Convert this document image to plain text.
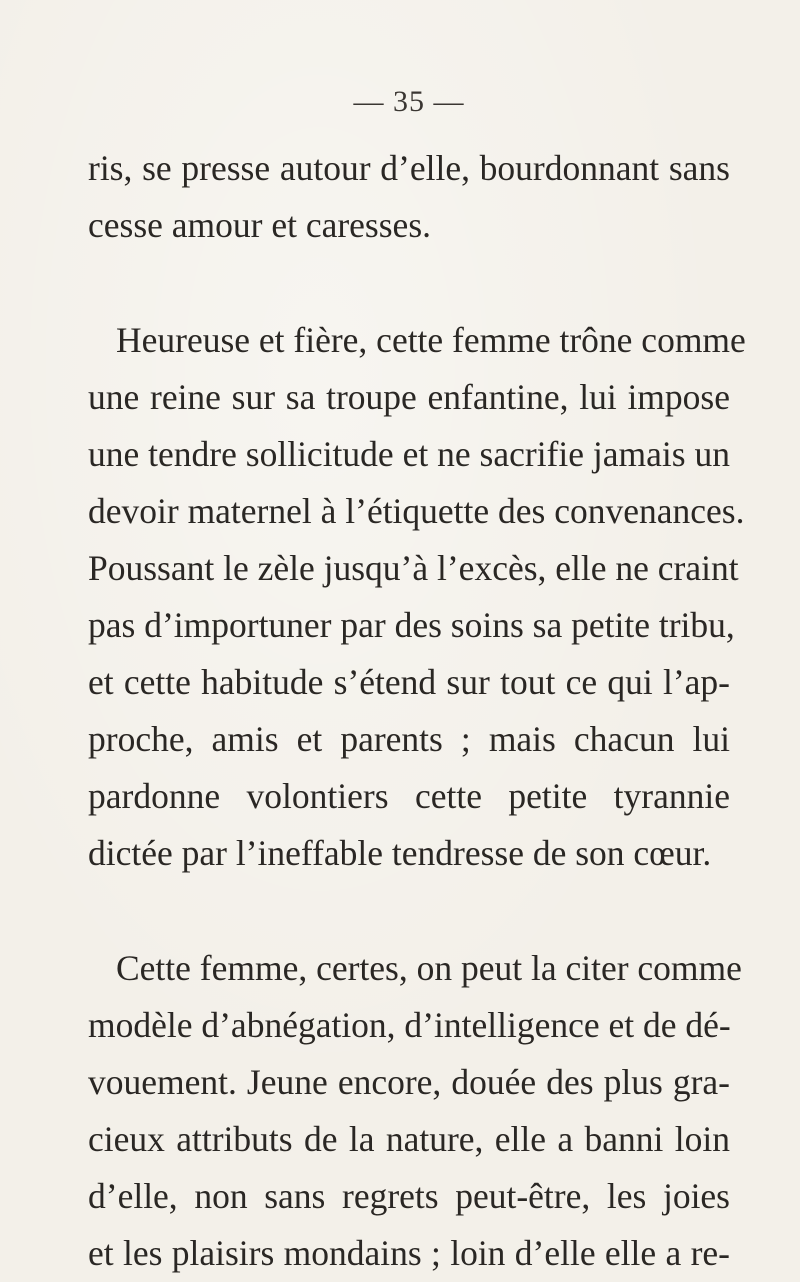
— 35 —
ris, se presse autour d’elle, bourdonnant sans
cesse amour et caresses.
Heureuse et fière, cette femme trône comme
une reine sur sa troupe enfantine, lui impose
une tendre sollicitude et ne sacrifie jamais un
devoir maternel à l’étiquette des convenances.
Poussant le zèle jusqu’à l’excès, elle ne craint
pas d’importuner par des soins sa petite tribu,
et cette habitude s’étend sur tout ce qui l’ap-
proche, amis et parents ; mais chacun lui
pardonne volontiers cette petite tyrannie
dictée par l’ineffable tendresse de son cœur.
Cette femme, certes, on peut la citer comme
modèle d’abnégation, d’intelligence et de dé-
vouement. Jeune encore, douée des plus gra-
cieux attributs de la nature, elle a banni loin
d’elle, non sans regrets peut-être, les joies
et les plaisirs mondains ; loin d’elle elle a re-
